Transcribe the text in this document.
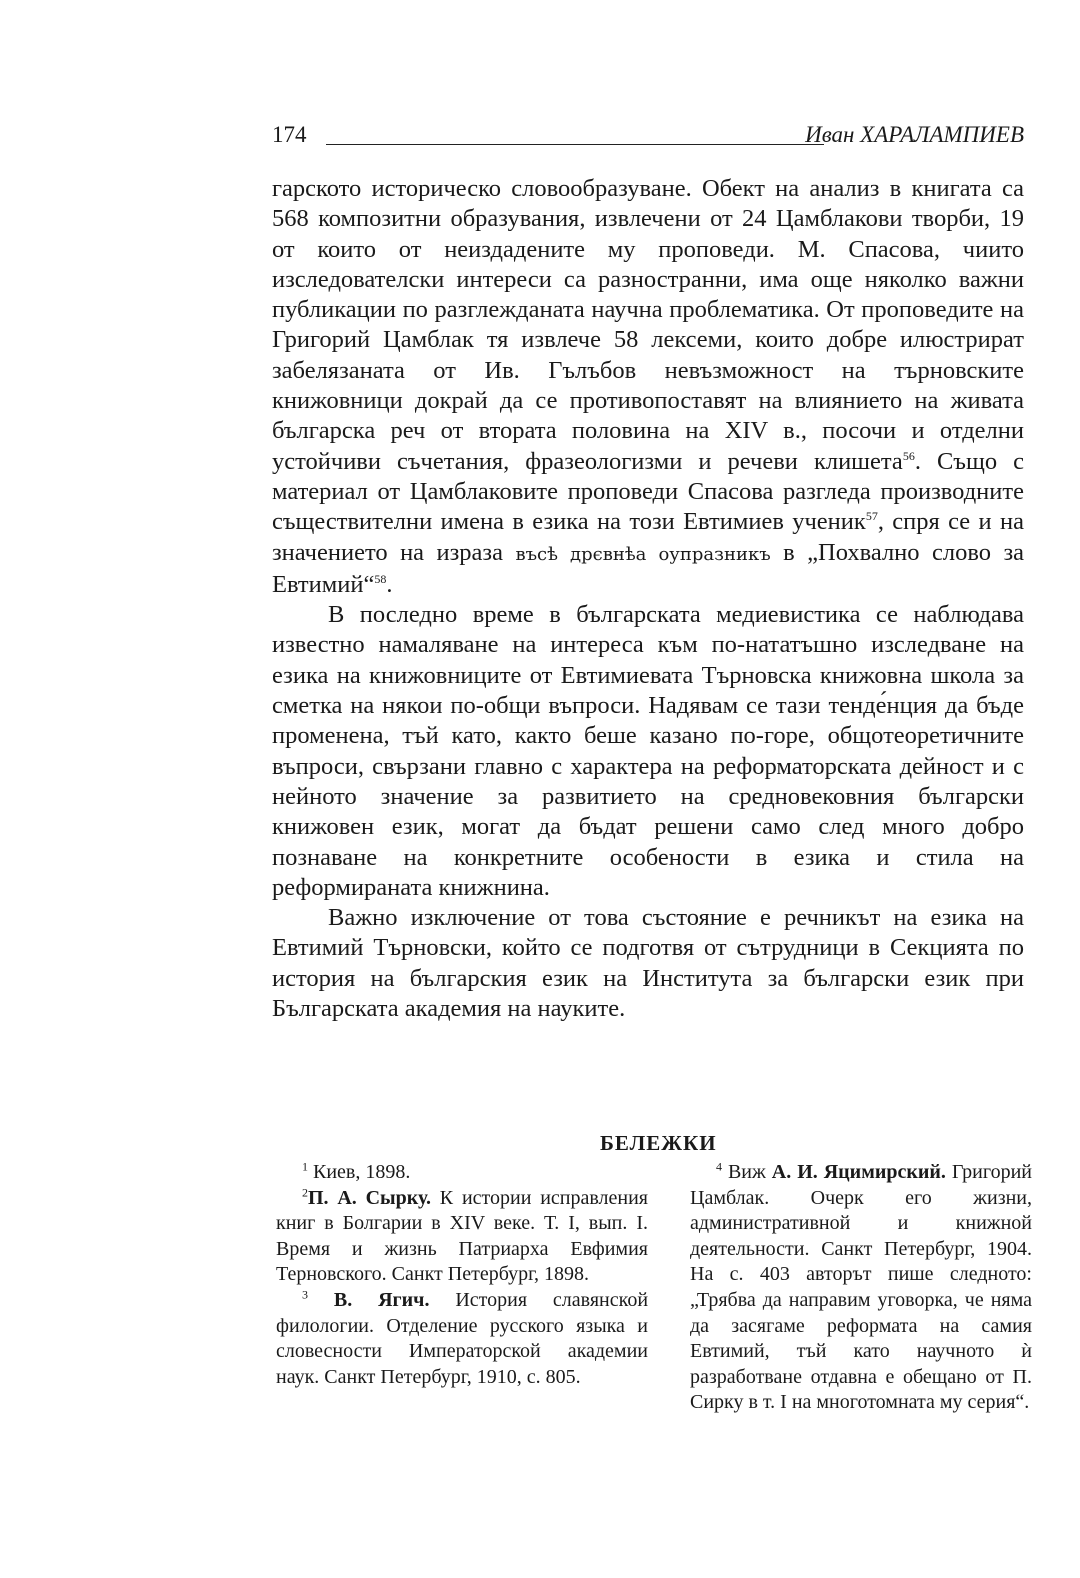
174	Иван ХАРАЛАМПИЕВ

гарското историческо словообразуване. Обект на анализ в книгата са 568 композитни образувания, извлечени от 24 Цамблакови творби, 19 от които от неиздадените му проповеди. М. Спасова, чиито изследователски интереси са разностранни, има още няколко важни публикации по разглежданата научна проблематика. От проповедите на Григорий Цамблак тя извлече 58 лексеми, които добре илюстрират забелязаната от Ив. Гълъбов невъзможност на търновските книжовници докрай да се противопоставят на влиянието на живата българска реч от втората половина на XIV в., посочи и отделни устойчиви съчетания, фразеологизми и речеви клишета$^{56}$. Също с материал от Цамблаковите проповеди Спасова разгледа производните съществителни имена в езика на този Евтимиев ученик$^{57}$, спря се и на значението на израза въсѣ дрєвнѣа оупразникъ в „Похвално слово за Евтимий“$^{58}$.

В последно време в българската медиевистика се наблюдава известно намаляване на интереса към по-нататъшно изследване на езика на книжовниците от Евтимиевата Търновска книжовна школа за сметка на някои по-общи въпроси. Надявам се тази тенде́нция да бъде променена, тъй като, както беше казано по-горе, общотеоретичните въпроси, свързани главно с характера на реформаторската дейност и с нейното значение за развитието на средновековния български книжовен език, могат да бъдат решени само след много добро познаване на конкретните особености в езика и стила на реформираната книжнина.

Важно изключение от това състояние е речникът на езика на Евтимий Търновски, който се подготвя от сътрудници в Секцията по история на българския език на Института за български език при Българската академия на науките.

БЕЛЕЖКИ

$^1$ Киев, 1898.

$^2$П. А. Сырку. К истории исправления книг в Болгарии в XIV веке. Т. I, вып. I. Время и жизнь Патриарха Евфимия Терновского. Санкт Петербург, 1898.

$^3$ В. Ягич. История славянской филологии. Отделение русского языка и словесности Императорской академии наук. Санкт Петербург, 1910, с. 805.

$^4$ Виж А. И. Яцимирский. Григорий Цамблак. Очерк его жизни, административной и книжной деятельности. Санкт Петербург, 1904. На с. 403 авторът пише следното: „Трябва да направим уговорка, че няма да засягаме реформата на самия Евтимий, тъй като научното ѝ разработване отдавна е обещано от П. Сирку в т. I на многотомната му серия“.
